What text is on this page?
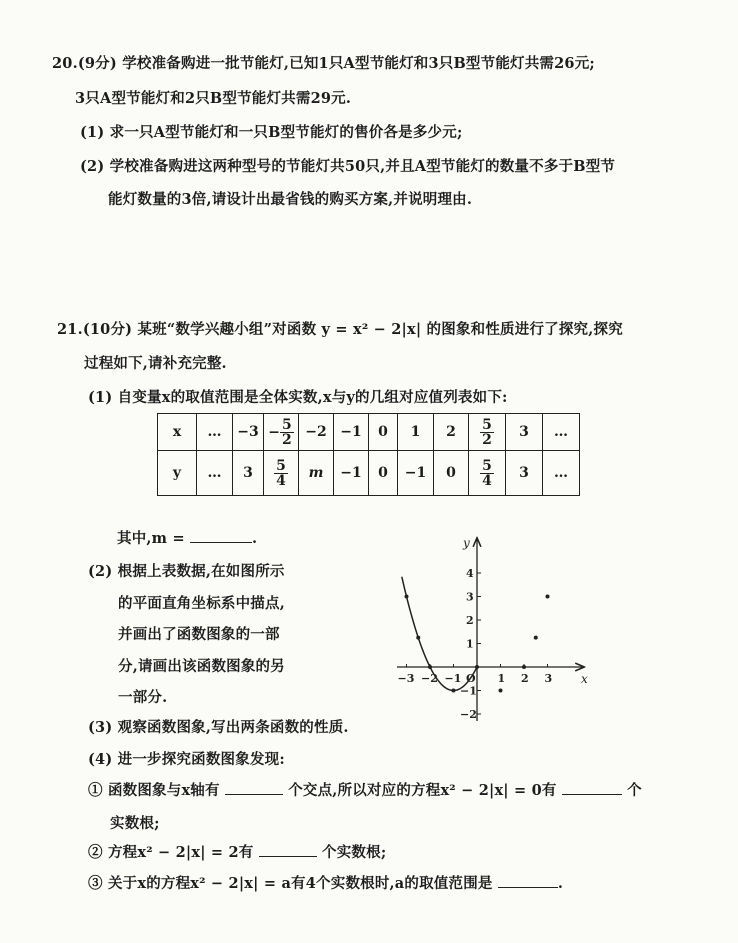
20.(9分) 学校准备购进一批节能灯,已知1只A型节能灯和3只B型节能灯共需26元;
3只A型节能灯和2只B型节能灯共需29元.
(1) 求一只A型节能灯和一只B型节能灯的售价各是多少元;
(2) 学校准备购进这两种型号的节能灯共50只,并且A型节能灯的数量不多于B型节
能灯数量的3倍,请设计出最省钱的购买方案,并说明理由.
21.(10分) 某班“数学兴趣小组”对函数 y = x² − 2|x| 的图象和性质进行了探究,探究
过程如下,请补充完整.
(1) 自变量x的取值范围是全体实数,x与y的几组对应值列表如下:
x	…	−3	− $\frac{5}{2}$	−2	−1	0	1	2	$\frac{5}{2}$	3	…
y	…	3	$\frac{5}{4}$	m	−1	0	−1	0	$\frac{5}{4}$	3	…
其中,m =	.
(2) 根据上表数据,在如图所示
的平面直角坐标系中描点,
并画出了函数图象的一部
分,请画出该函数图象的另
一部分.
−3 −2 −1	1 2 3
4
3
2
1
−1
−2
O	x
y
(3) 观察函数图象,写出两条函数的性质.
(4) 进一步探究函数图象发现:
① 函数图象与x轴有	个交点,所以对应的方程x² − 2|x| = 0有	个
实数根;
② 方程x² − 2|x| = 2有	个实数根;
③ 关于x的方程x² − 2|x| = a有4个实数根时,a的取值范围是	.
